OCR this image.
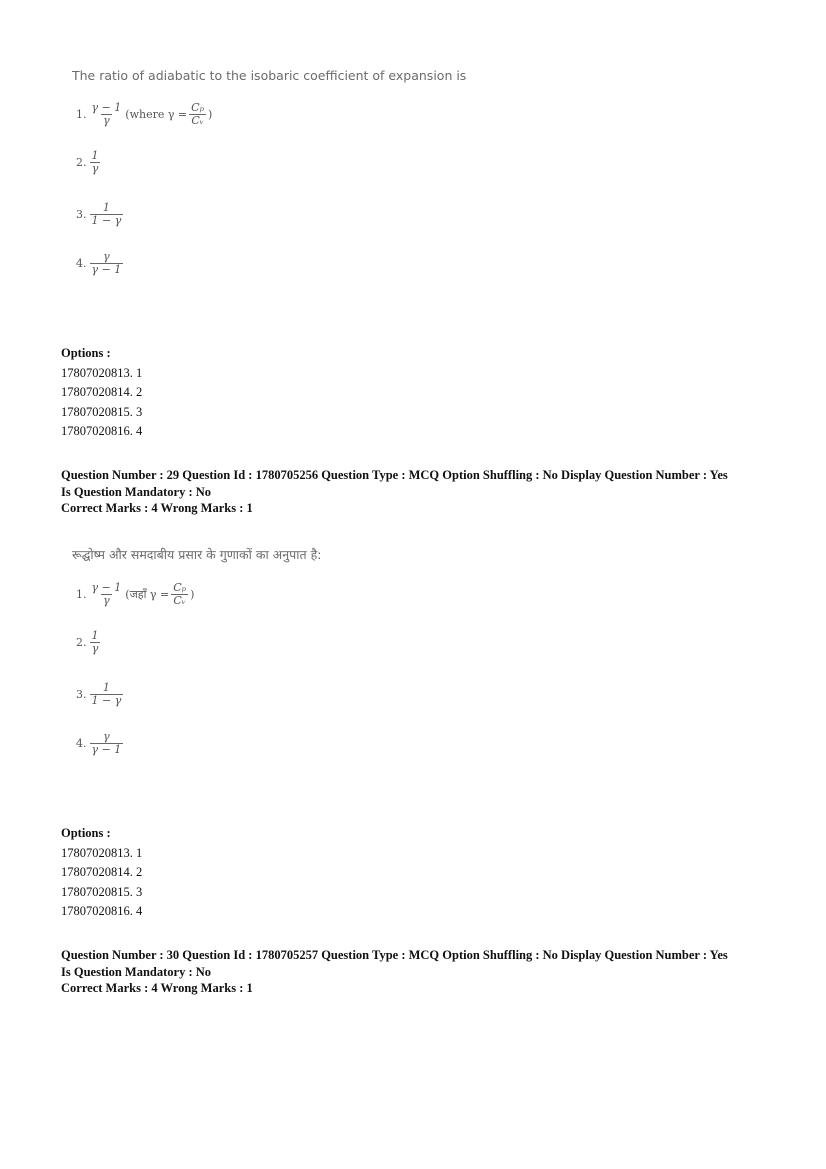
The ratio of adiabatic to the isobaric coefficient of expansion is
1. $\frac{\gamma - 1}{\gamma}$ (where $\gamma = \frac{\text{Cₚ}}{\text{Cᵥ}}$ )
2. $\frac{1}{\gamma}$
3. $\frac{1}{1 - \gamma}$
4. $\frac{\gamma}{\gamma - 1}$
Options :
17807020813. 1
17807020814. 2
17807020815. 3
17807020816. 4
Question Number : 29 Question Id : 1780705256 Question Type : MCQ Option Shuffling : No Display Question Number : Yes
Is Question Mandatory : No
Correct Marks : 4 Wrong Marks : 1
रूद्घोष्म और समदाबीय प्रसार के गुणाकों का अनुपात है:
1. $\frac{\gamma - 1}{\gamma}$ (जहाँ $\gamma = \frac{\text{Cₚ}}{\text{Cᵥ}}$ )
2. $\frac{1}{\gamma}$
3. $\frac{1}{1 - \gamma}$
4. $\frac{\gamma}{\gamma - 1}$
Options :
17807020813. 1
17807020814. 2
17807020815. 3
17807020816. 4
Question Number : 30 Question Id : 1780705257 Question Type : MCQ Option Shuffling : No Display Question Number : Yes
Is Question Mandatory : No
Correct Marks : 4 Wrong Marks : 1
